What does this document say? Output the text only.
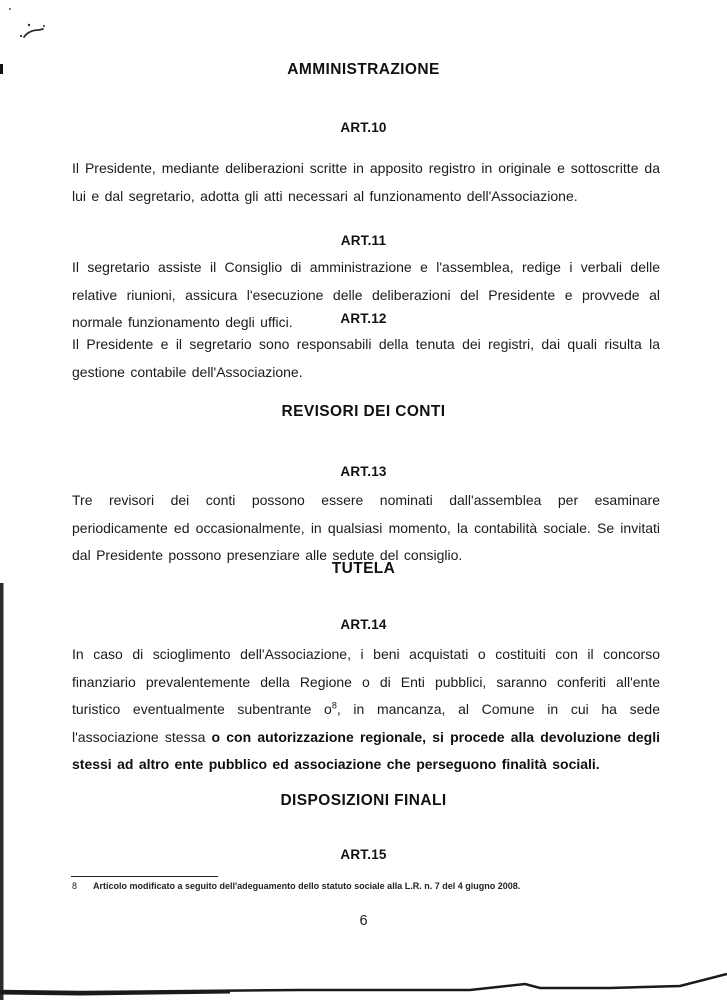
AMMINISTRAZIONE
ART.10

Il Presidente, mediante deliberazioni scritte in apposito registro in originale e sottoscritte da lui e dal segretario, adotta gli atti necessari al funzionamento dell'Associazione.

ART.11

Il segretario assiste il Consiglio di amministrazione e l'assemblea, redige i verbali delle relative riunioni, assicura l'esecuzione delle deliberazioni del Presidente e provvede al normale funzionamento degli uffici.	ART.12

Il Presidente e il segretario sono responsabili della tenuta dei registri, dai quali risulta la gestione contabile dell'Associazione.

REVISORI DEI CONTI
ART.13

Tre revisori dei conti possono essere nominati dall'assemblea per esaminare periodicamente ed occasionalmente, in qualsiasi momento, la contabilità sociale. Se invitati dal Presidente possono presenziare alle sedute del consiglio.

TUTELA
ART.14

In caso di scioglimento dell'Associazione, i beni acquistati o costituiti con il concorso finanziario prevalentemente della Regione o di Enti pubblici, saranno conferiti all'ente turistico eventualmente subentrante $o^8$, in mancanza, al Comune in cui ha sede l'associazione stessa o con autorizzazione regionale, si procede alla devoluzione degli stessi ad altro ente pubblico ed associazione che perseguono finalità sociali.

DISPOSIZIONI FINALI
ART.15

8 Articolo modificato a seguito dell'adeguamento dello statuto sociale alla L.R. n. 7 del 4 giugno 2008.

6
